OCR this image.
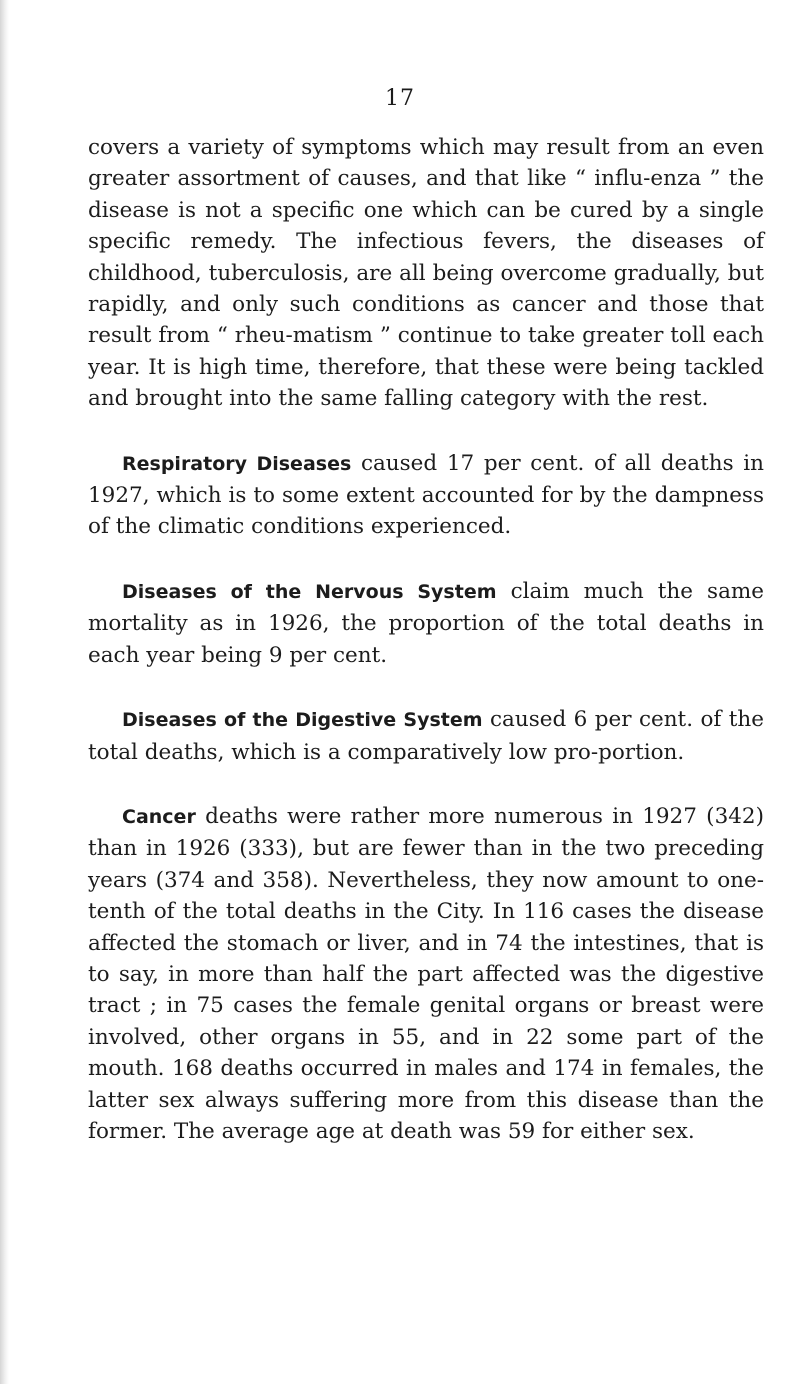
17

covers a variety of symptoms which may result from an even greater assortment of causes, and that like “ influ-enza ” the disease is not a specific one which can be cured by a single specific remedy. The infectious fevers, the diseases of childhood, tuberculosis, are all being overcome gradually, but rapidly, and only such conditions as cancer and those that result from “ rheu-matism ” continue to take greater toll each year. It is high time, therefore, that these were being tackled and brought into the same falling category with the rest.

Respiratory Diseases caused 17 per cent. of all deaths in 1927, which is to some extent accounted for by the dampness of the climatic conditions experienced.

Diseases of the Nervous System claim much the same mortality as in 1926, the proportion of the total deaths in each year being 9 per cent.

Diseases of the Digestive System caused 6 per cent. of the total deaths, which is a comparatively low pro-portion.

Cancer deaths were rather more numerous in 1927 (342) than in 1926 (333), but are fewer than in the two preceding years (374 and 358). Nevertheless, they now amount to one-tenth of the total deaths in the City. In 116 cases the disease affected the stomach or liver, and in 74 the intestines, that is to say, in more than half the part affected was the digestive tract ; in 75 cases the female genital organs or breast were involved, other organs in 55, and in 22 some part of the mouth. 168 deaths occurred in males and 174 in females, the latter sex always suffering more from this disease than the former. The average age at death was 59 for either sex.
